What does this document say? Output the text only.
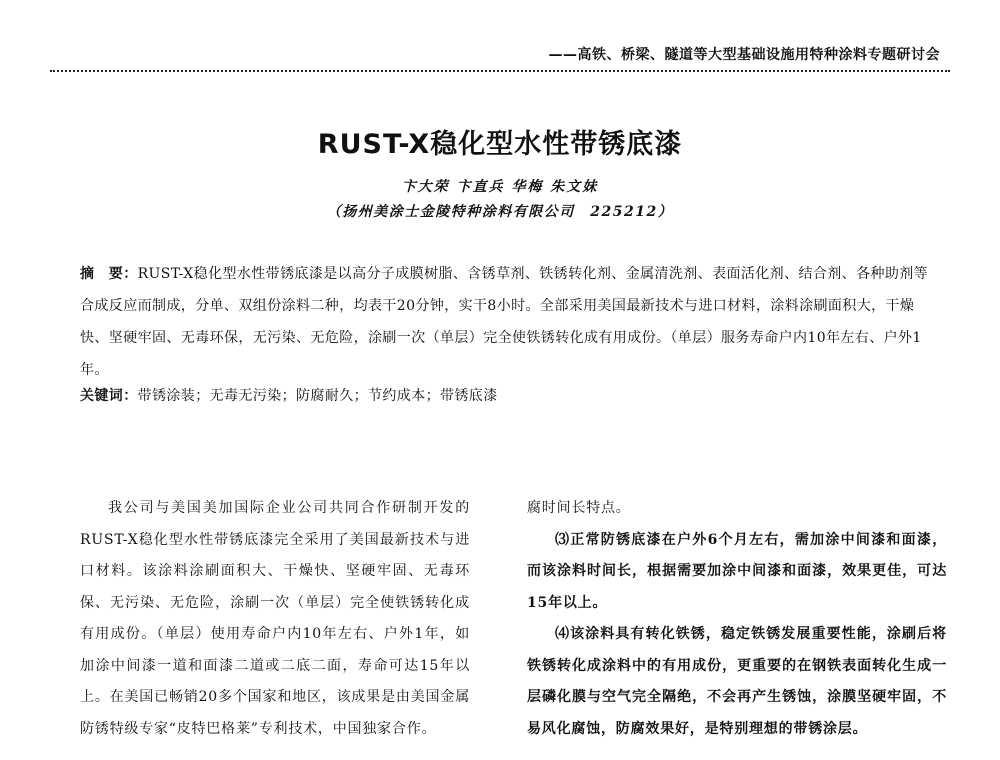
——高铁、桥梁、隧道等大型基础设施用特种涂料专题研讨会
RUST-X稳化型水性带锈底漆
卞大荣 卞直兵 华梅 朱文妹
（扬州美涂士金陵特种涂料有限公司　225212）

摘　要：RUST-X稳化型水性带锈底漆是以高分子成膜树脂、含锈草剂、铁锈转化剂、金属清洗剂、表面活化剂、结合剂、各种助剂等合成反应而制成，分单、双组份涂料二种，均表干20分钟，实干8小时。全部采用美国最新技术与进口材料，涂料涂刷面积大，干燥快、坚硬牢固、无毒环保，无污染、无危险，涂刷一次（单层）完全使铁锈转化成有用成份。（单层）服务寿命户内10年左右、户外1年。

关键词：带锈涂装；无毒无污染；防腐耐久；节约成本；带锈底漆

我公司与美国美加国际企业公司共同合作研制开发的RUST-X稳化型水性带锈底漆完全采用了美国最新技术与进口材料。该涂料涂刷面积大、干燥快、坚硬牢固、无毒环保、无污染、无危险，涂刷一次（单层）完全使铁锈转化成有用成份。（单层）使用寿命户内10年左右、户外1年，如加涂中间漆一道和面漆二道或二底二面，寿命可达15年以上。在美国已畅销20多个国家和地区，该成果是由美国金属防锈特级专家“皮特巴格莱”专利技术，中国独家合作。

腐时间长特点。

⑶正常防锈底漆在户外6个月左右，需加涂中间漆和面漆，而该涂料时间长，根据需要加涂中间漆和面漆，效果更佳，可达15年以上。

⑷该涂料具有转化铁锈，稳定铁锈发展重要性能，涂刷后将铁锈转化成涂料中的有用成份，更重要的在钢铁表面转化生成一层磷化膜与空气完全隔绝，不会再产生锈蚀，涂膜坚硬牢固，不易风化腐蚀，防腐效果好，是特别理想的带锈涂层。
